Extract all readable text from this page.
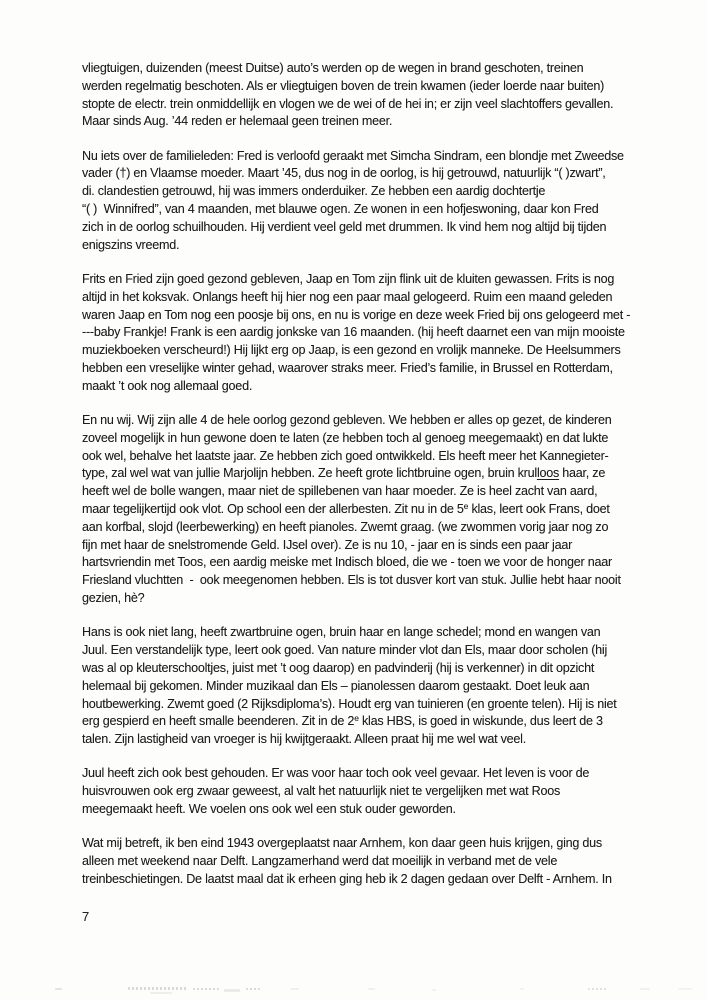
vliegtuigen, duizenden (meest Duitse) auto’s werden op de wegen in brand geschoten, treinen
werden regelmatig beschoten. Als er vliegtuigen boven de trein kwamen (ieder loerde naar buiten)
stopte de electr. trein onmiddellijk en vlogen we de wei of de hei in; er zijn veel slachtoffers gevallen.
Maar sinds Aug. ’44 reden er helemaal geen treinen meer.

Nu iets over de familieleden: Fred is verloofd geraakt met Simcha Sindram, een blondje met Zweedse
vader (†) en Vlaamse moeder. Maart ’45, dus nog in de oorlog, is hij getrouwd, natuurlijk “( )zwart”,
di. clandestien getrouwd, hij was immers onderduiker. Ze hebben een aardig dochtertje
“( )  Winnifred”, van 4 maanden, met blauwe ogen. Ze wonen in een hofjeswoning, daar kon Fred
zich in de oorlog schuilhouden. Hij verdient veel geld met drummen. Ik vind hem nog altijd bij tijden
enigszins vreemd.

Frits en Fried zijn goed gezond gebleven, Jaap en Tom zijn flink uit de kluiten gewassen. Frits is nog
altijd in het koksvak. Onlangs heeft hij hier nog een paar maal gelogeerd. Ruim een maand geleden
waren Jaap en Tom nog een poosje bij ons, en nu is vorige en deze week Fried bij ons gelogeerd met -
---baby Frankje! Frank is een aardig jonkske van 16 maanden. (hij heeft daarnet een van mijn mooiste
muziekboeken verscheurd!) Hij lijkt erg op Jaap, is een gezond en vrolijk manneke. De Heelsummers
hebben een vreselijke winter gehad, waarover straks meer. Fried’s familie, in Brussel en Rotterdam,
maakt ’t ook nog allemaal goed.

En nu wij. Wij zijn alle 4 de hele oorlog gezond gebleven. We hebben er alles op gezet, de kinderen
zoveel mogelijk in hun gewone doen te laten (ze hebben toch al genoeg meegemaakt) en dat lukte
ook wel, behalve het laatste jaar. Ze hebben zich goed ontwikkeld. Els heeft meer het Kannegieter-
type, zal wel wat van jullie Marjolijn hebben. Ze heeft grote lichtbruine ogen, bruin krulloos haar, ze
heeft wel de bolle wangen, maar niet de spillebenen van haar moeder. Ze is heel zacht van aard,
maar tegelijkertijd ook vlot. Op school een der allerbesten. Zit nu in de 5e klas, leert ook Frans, doet
aan korfbal, slojd (leerbewerking) en heeft pianoles. Zwemt graag. (we zwommen vorig jaar nog zo
fijn met haar de snelstromende Geld. IJsel over). Ze is nu 10, - jaar en is sinds een paar jaar
hartsvriendin met Toos, een aardig meiske met Indisch bloed, die we - toen we voor de honger naar
Friesland vluchtten  -  ook meegenomen hebben. Els is tot dusver kort van stuk. Jullie hebt haar nooit
gezien, hè?

Hans is ook niet lang, heeft zwartbruine ogen, bruin haar en lange schedel; mond en wangen van
Juul. Een verstandelijk type, leert ook goed. Van nature minder vlot dan Els, maar door scholen (hij
was al op kleuterschooltjes, juist met ’t oog daarop) en padvinderij (hij is verkenner) in dit opzicht
helemaal bij gekomen. Minder muzikaal dan Els – pianolessen daarom gestaakt. Doet leuk aan
houtbewerking. Zwemt goed (2 Rijksdiploma’s). Houdt erg van tuinieren (en groente telen). Hij is niet
erg gespierd en heeft smalle beenderen. Zit in de 2e klas HBS, is goed in wiskunde, dus leert de 3
talen. Zijn lastigheid van vroeger is hij kwijtgeraakt. Alleen praat hij me wel wat veel.

Juul heeft zich ook best gehouden. Er was voor haar toch ook veel gevaar. Het leven is voor de
huisvrouwen ook erg zwaar geweest, al valt het natuurlijk niet te vergelijken met wat Roos
meegemaakt heeft. We voelen ons ook wel een stuk ouder geworden.

Wat mij betreft, ik ben eind 1943 overgeplaatst naar Arnhem, kon daar geen huis krijgen, ging dus
alleen met weekend naar Delft. Langzamerhand werd dat moeilijk in verband met de vele
treinbeschietingen. De laatst maal dat ik erheen ging heb ik 2 dagen gedaan over Delft - Arnhem. In

7
